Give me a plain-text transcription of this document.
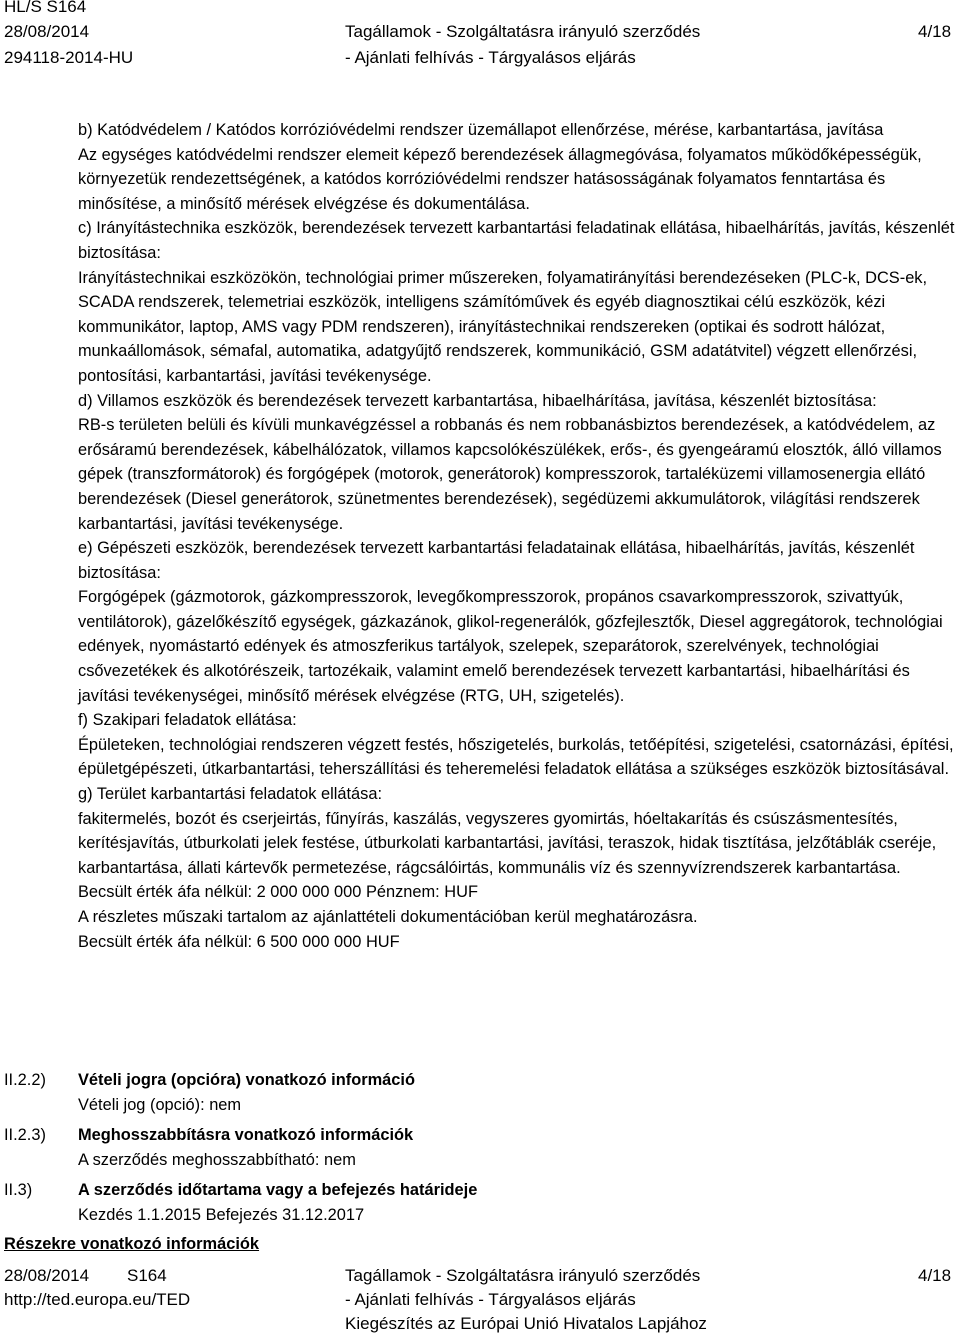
HL/S S164
28/08/2014
294118-2014-HU
Tagállamok - Szolgáltatásra irányuló szerződés
- Ajánlati felhívás - Tárgyalásos eljárás
4/18

b) Katódvédelem / Katódos korrózióvédelmi rendszer üzemállapot ellenőrzése, mérése, karbantartása, javítása

Az egységes katódvédelmi rendszer elemeit képező berendezések állagmegóvása, folyamatos működőképességük, környezetük rendezettségének, a katódos korrózióvédelmi rendszer hatásosságának folyamatos fenntartása és minősítése, a minősítő mérések elvégzése és dokumentálása.

c) Irányítástechnika eszközök, berendezések tervezett karbantartási feladatinak ellátása, hibaelhárítás, javítás, készenlét biztosítása:

Irányítástechnikai eszközökön, technológiai primer műszereken, folyamatirányítási berendezéseken (PLC-k, DCS-ek, SCADA rendszerek, telemetriai eszközök, intelligens számítóművek és egyéb diagnosztikai célú eszközök, kézi kommunikátor, laptop, AMS vagy PDM rendszeren), irányítástechnikai rendszereken (optikai és sodrott hálózat, munkaállomások, sémafal, automatika, adatgyűjtő rendszerek, kommunikáció, GSM adatátvitel) végzett ellenőrzési, pontosítási, karbantartási, javítási tevékenysége.

d) Villamos eszközök és berendezések tervezett karbantartása, hibaelhárítása, javítása, készenlét biztosítása:

RB-s területen belüli és kívüli munkavégzéssel a robbanás és nem robbanásbiztos berendezések, a katódvédelem, az erősáramú berendezések, kábelhálózatok, villamos kapcsolókészülékek, erős-, és gyengeáramú elosztók, álló villamos gépek (transzformátorok) és forgógépek (motorok, generátorok) kompresszorok, tartaléküzemi villamosenergia ellátó berendezések (Diesel generátorok, szünetmentes berendezések), segédüzemi akkumulátorok, világítási rendszerek karbantartási, javítási tevékenysége.

e) Gépészeti eszközök, berendezések tervezett karbantartási feladatainak ellátása, hibaelhárítás, javítás, készenlét biztosítása:

Forgógépek (gázmotorok, gázkompresszorok, levegőkompresszorok, propános csavarkompresszorok, szivattyúk, ventilátorok), gázelőkészítő egységek, gázkazánok, glikol-regenerálók, gőzfejlesztők, Diesel aggregátorok, technológiai edények, nyomástartó edények és atmoszferikus tartályok, szelepek, szeparátorok, szerelvények, technológiai csővezetékek és alkotórészeik, tartozékaik, valamint emelő berendezések tervezett karbantartási, hibaelhárítási és javítási tevékenységei, minősítő mérések elvégzése (RTG, UH, szigetelés).

f) Szakipari feladatok ellátása:

Épületeken, technológiai rendszeren végzett festés, hőszigetelés, burkolás, tetőépítési, szigetelési, csatornázási, építési, épületgépészeti, útkarbantartási, teherszállítási és teheremelési feladatok ellátása a szükséges eszközök biztosításával.

g) Terület karbantartási feladatok ellátása:

fakitermelés, bozót és cserjeirtás, fűnyírás, kaszálás, vegyszeres gyomirtás, hóeltakarítás és csúszásmentesítés, kerítésjavítás, útburkolati jelek festése, útburkolati karbantartási, javítási, teraszok, hidak tisztítása, jelzőtáblák cseréje, karbantartása, állati kártevők permetezése, rágcsálóirtás, kommunális víz és szennyvízrendszerek karbantartása.

Becsült érték áfa nélkül: 2 000 000 000 Pénznem: HUF

A részletes műszaki tartalom az ajánlattételi dokumentációban kerül meghatározásra.

Becsült érték áfa nélkül: 6 500 000 000 HUF

II.2.2) Vételi jogra (opcióra) vonatkozó információ
Vételi jog (opció): nem
II.2.3) Meghosszabbításra vonatkozó információk
A szerződés meghosszabbítható: nem
II.3)	A szerződés időtartama vagy a befejezés határideje
Kezdés 1.1.2015 Befejezés 31.12.2017
Részekre vonatkozó információk
28/08/2014 S164
http://ted.europa.eu/TED
Tagállamok - Szolgáltatásra irányuló szerződés
- Ajánlati felhívás - Tárgyalásos eljárás
Kiegészítés az Európai Unió Hivatalos Lapjához
4/18
